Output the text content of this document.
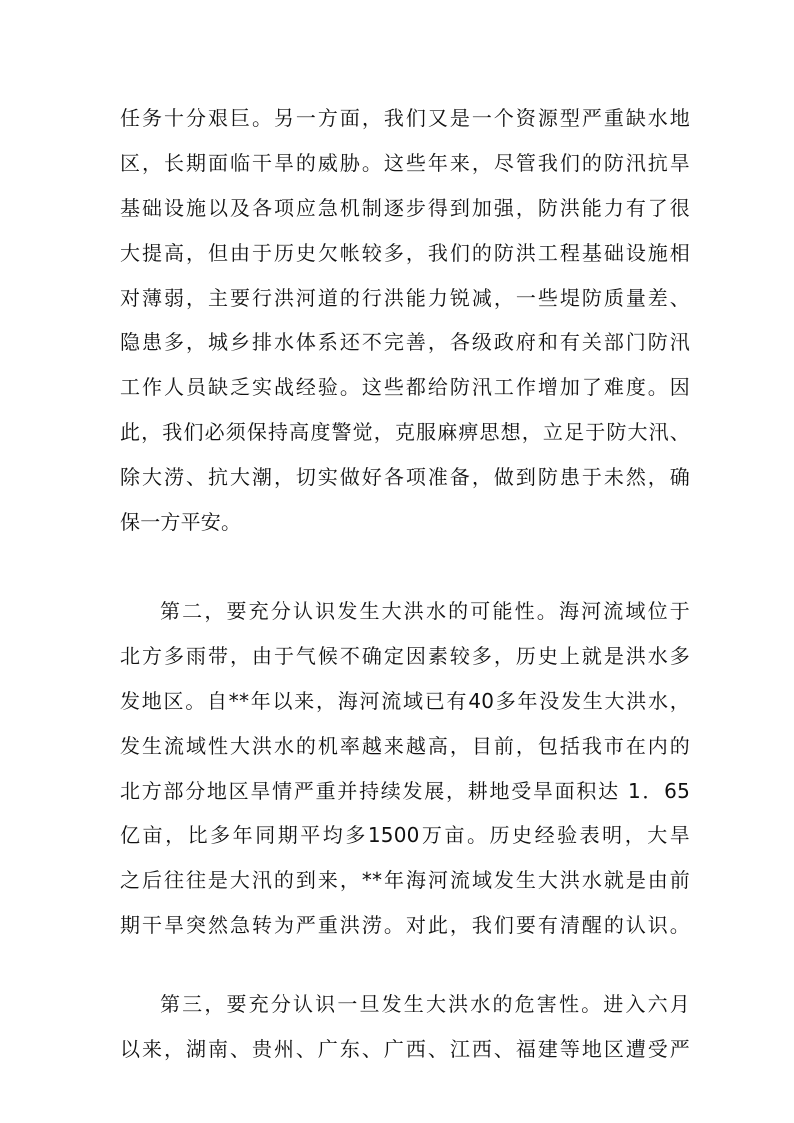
任务十分艰巨。另一方面，我们又是一个资源型严重缺水地
区，长期面临干旱的威胁。这些年来，尽管我们的防汛抗旱
基础设施以及各项应急机制逐步得到加强，防洪能力有了很
大提高，但由于历史欠帐较多，我们的防洪工程基础设施相
对薄弱，主要行洪河道的行洪能力锐减，一些堤防质量差、
隐患多，城乡排水体系还不完善，各级政府和有关部门防汛
工作人员缺乏实战经验。这些都给防汛工作增加了难度。因
此，我们必须保持高度警觉，克服麻痹思想，立足于防大汛、
除大涝、抗大潮，切实做好各项准备，做到防患于未然，确
保一方平安。
第二，要充分认识发生大洪水的可能性。海河流域位于
北方多雨带，由于气候不确定因素较多，历史上就是洪水多
发地区。自**年以来，海河流域已有40多年没发生大洪水，
发生流域性大洪水的机率越来越高，目前，包括我市在内的
北方部分地区旱情严重并持续发展，耕地受旱面积达 1．65
亿亩，比多年同期平均多1500万亩。历史经验表明，大旱
之后往往是大汛的到来，**年海河流域发生大洪水就是由前
期干旱突然急转为严重洪涝。对此，我们要有清醒的认识。
第三，要充分认识一旦发生大洪水的危害性。进入六月
以来，湖南、贵州、广东、广西、江西、福建等地区遭受严
